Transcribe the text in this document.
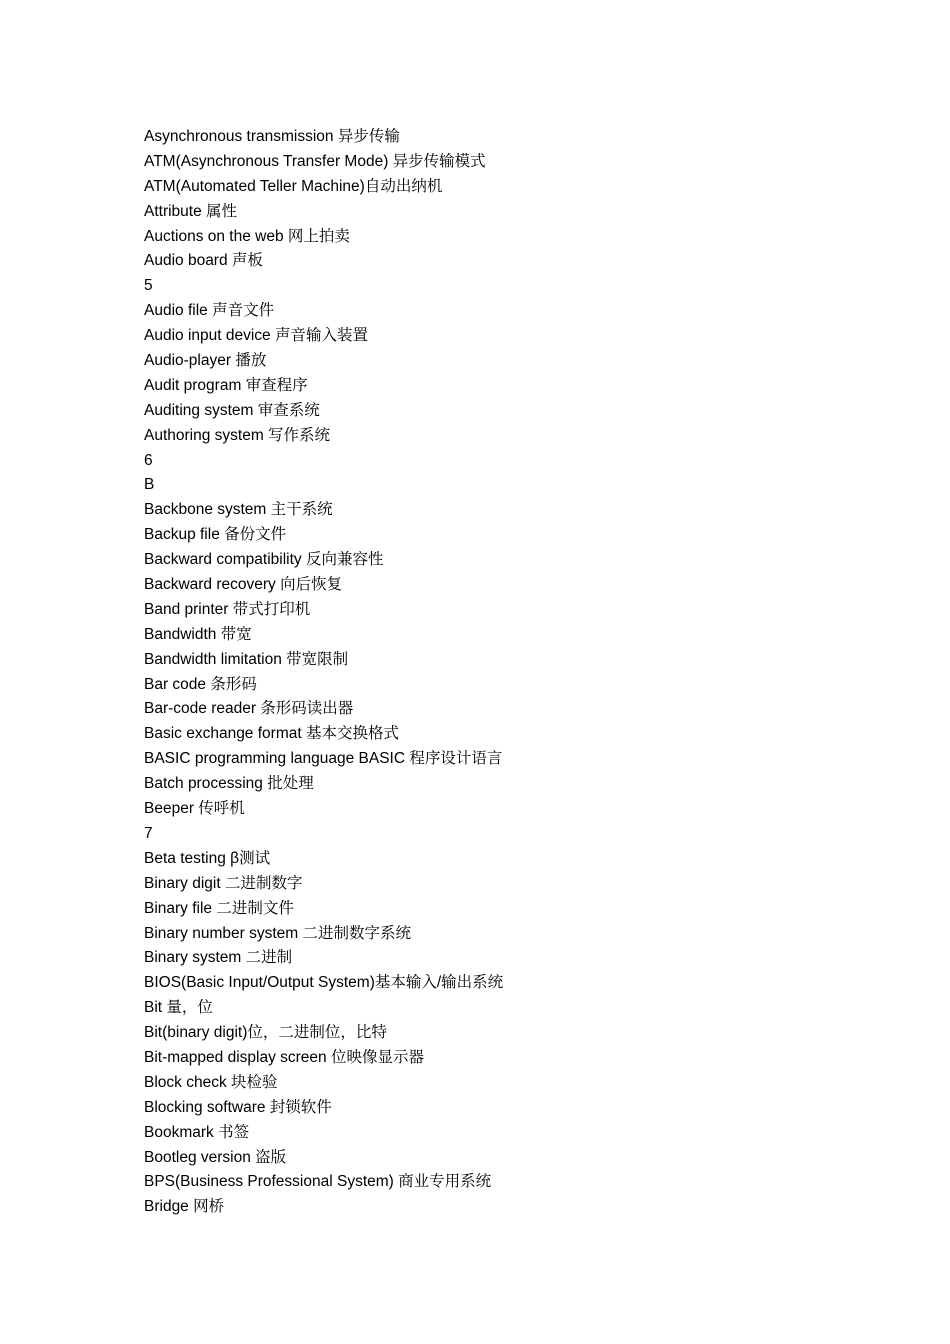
Asynchronous transmission 异步传输
ATM(Asynchronous Transfer Mode) 异步传输模式
ATM(Automated Teller Machine)自动出纳机
Attribute 属性
Auctions on the web 网上拍卖
Audio board 声板
5
Audio file 声音文件
Audio input device 声音输入装置
Audio-player 播放
Audit program 审查程序
Auditing system 审查系统
Authoring system 写作系统
6
B
Backbone system 主干系统
Backup file 备份文件
Backward compatibility 反向兼容性
Backward recovery 向后恢复
Band printer 带式打印机
Bandwidth 带宽
Bandwidth limitation 带宽限制
Bar code 条形码
Bar-code reader 条形码读出器
Basic exchange format 基本交换格式
BASIC programming language BASIC 程序设计语言
Batch processing 批处理
Beeper 传呼机
7
Beta testing β测试
Binary digit 二进制数字
Binary file 二进制文件
Binary number system 二进制数字系统
Binary system 二进制
BIOS(Basic Input/Output System)基本输入/输出系统
Bit 量，位
Bit(binary digit)位，二进制位，比特
Bit-mapped display screen 位映像显示器
Block check 块检验
Blocking software 封锁软件
Bookmark 书签
Bootleg version 盗版
BPS(Business Professional System) 商业专用系统
Bridge 网桥
